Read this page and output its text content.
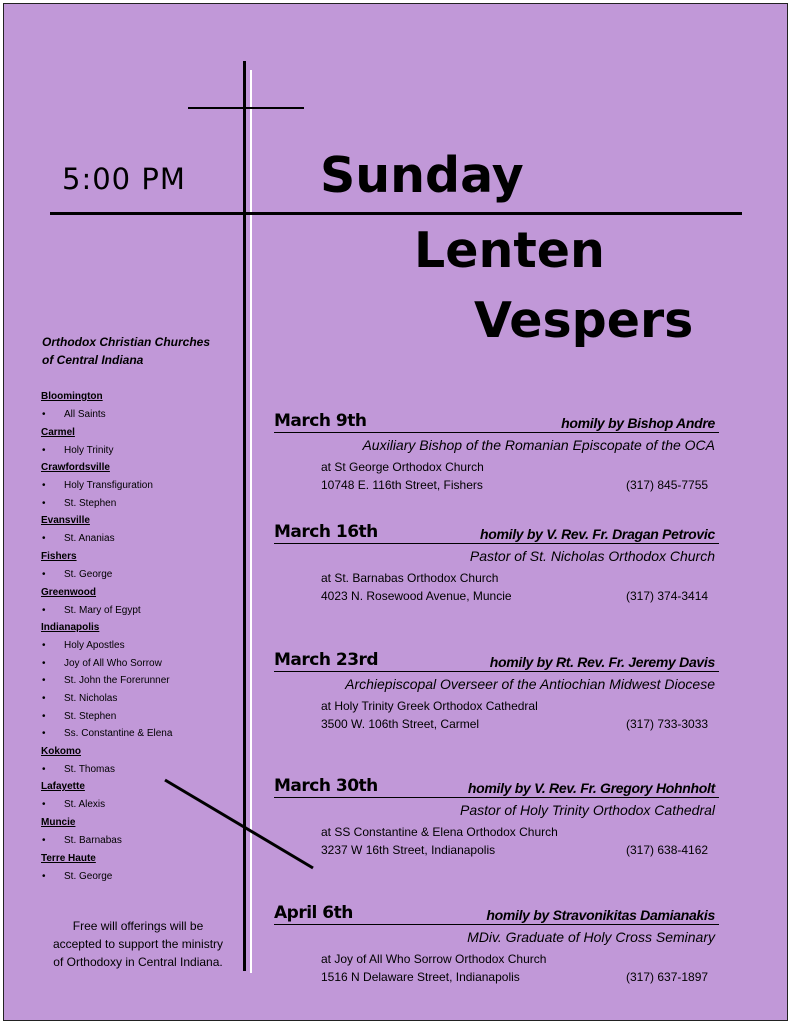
5:00 PM	Sunday
Lenten
Vespers
Orthodox Christian Churches
of Central Indiana
Bloomington
• All Saints
Carmel
• Holy Trinity
Crawfordsville
• Holy Transfiguration
• St. Stephen
Evansville
• St. Ananias
Fishers
• St. George
Greenwood
• St. Mary of Egypt
Indianapolis
• Holy Apostles
• Joy of All Who Sorrow
• St. John the Forerunner
• St. Nicholas
• St. Stephen
• Ss. Constantine & Elena
Kokomo
• St. Thomas
Lafayette
• St. Alexis
Muncie
• St. Barnabas
Terre Haute
• St. George
Free will offerings will be
accepted to support the ministry
of Orthodoxy in Central Indiana.
March 9th	homily by Bishop Andre
Auxiliary Bishop of the Romanian Episcopate of the OCA
at St George Orthodox Church
10748 E. 116th Street, Fishers	(317) 845-7755
March 16th	homily by V. Rev. Fr. Dragan Petrovic
Pastor of St. Nicholas Orthodox Church
at St. Barnabas Orthodox Church
4023 N. Rosewood Avenue, Muncie	(317) 374-3414
March 23rd	homily by Rt. Rev. Fr. Jeremy Davis
Archiepiscopal Overseer of the Antiochian Midwest Diocese
at Holy Trinity Greek Orthodox Cathedral
3500 W. 106th Street, Carmel	(317) 733-3033
March 30th	homily by V. Rev. Fr. Gregory Hohnholt
Pastor of Holy Trinity Orthodox Cathedral
at SS Constantine & Elena Orthodox Church
3237 W 16th Street, Indianapolis	(317) 638-4162
April 6th	homily by Stravonikitas Damianakis
MDiv. Graduate of Holy Cross Seminary
at Joy of All Who Sorrow Orthodox Church
1516 N Delaware Street, Indianapolis	(317) 637-1897
